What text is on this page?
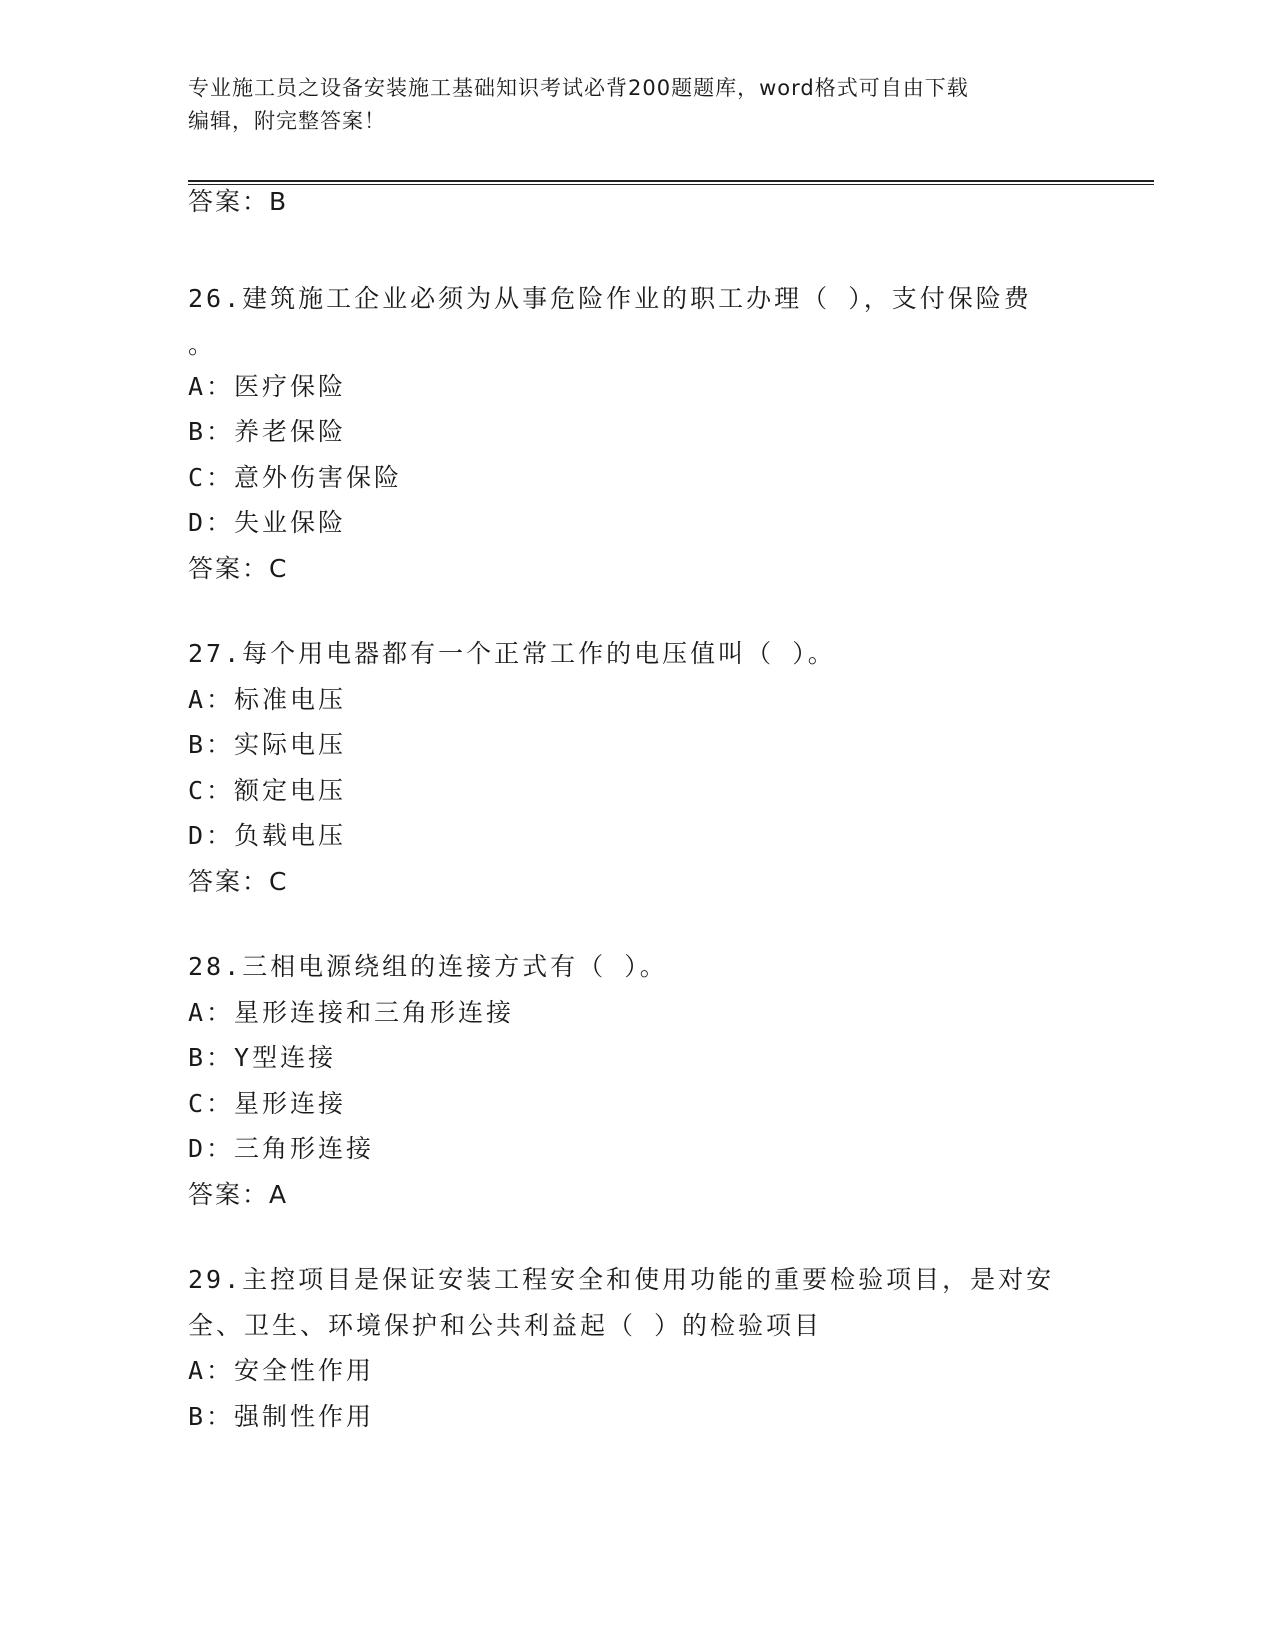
专业施工员之设备安装施工基础知识考试必背200题题库，word格式可自由下载
编辑，附完整答案！
答案：B
26.建筑施工企业必须为从事危险作业的职工办理（ ），支付保险费
。
A：医疗保险
B：养老保险
C：意外伤害保险
D：失业保险
答案：C
27.每个用电器都有一个正常工作的电压值叫（ ）。
A：标准电压
B：实际电压
C：额定电压
D：负载电压
答案：C
28.三相电源绕组的连接方式有（ ）。
A：星形连接和三角形连接
B：Y型连接
C：星形连接
D：三角形连接
答案：A
29.主控项目是保证安装工程安全和使用功能的重要检验项目，是对安
全、卫生、环境保护和公共利益起（ ）的检验项目
A：安全性作用
B：强制性作用
